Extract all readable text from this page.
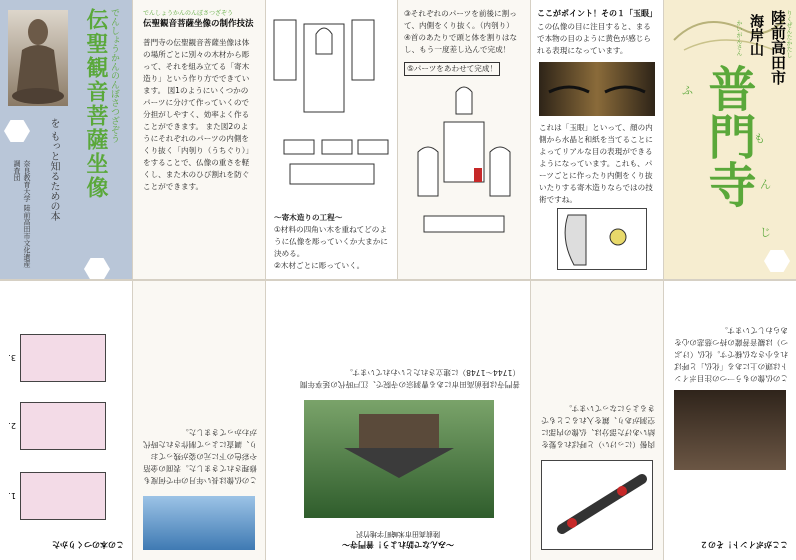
伝聖観音菩薩坐像 でんしょうかんのんぼさつざぞう
を もっと知るための本
奈良教育大学 陸前高田市文化遺産調査団
でんしょうかんのんぼさつざぞう
伝聖観音菩薩坐像の制作技法
普門寺の伝聖観音菩薩坐像は体の場所ごとに別々の木材から彫って、それを組み立てる「寄木造り」という作り方でできています。 図1のようにいくつかのパーツに分けて作っていくので分担がしやすく、効率よく作ることができます。 また図2のようにそれぞれのパーツの内側をくり抜く「内刳り（うちぐり）」をすることで、仏像の重さを軽くし、また木のひび割れを防ぐことができます。
〜寄木造りの工程〜
①材料の四角い木を重ねてどのように仏像を彫っていくか大まかに決める。
②木材ごとに彫っていく。
③それぞれのパーツを前後に割って、内側をくり抜く。（内刳り）
④首のあたりで頭と体を割りはなし、もう一度差し込んで完成！
⑤パーツをあわせて完成！
ここがポイント！その１「玉眼」
この仏像の目に注目すると、まるで本物の目のように黄色が感じられる表現になっています。
これは「玉眼」といって、顔の内側から水晶と和紙を当てることによってリアルな目の表現ができるようになっています。これも、パーツごとに作ったり内側をくり抜いたりする寄木造りならではの技術ですね。
陸前高田市
りくぜんたかたし
海岸山
かいがんさん
普門寺
ふ
も
ん
じ
この本のつくりかた
1.
2.
3.
この仏像は長い年月の中で何度も修理されてきました。表面の金箔や彩色の下に元の姿が残っており、調査によって制作された時代がわかってきました。
〜みんなで訪れよう！普門寺〜
陸前高田市米崎町字地竹沢
普門寺は陸前高田市にある曹洞宗の寺院で、江戸時代の延享年間（1744〜1748）に建立されたといわれています。
肉髻（にっけい）と呼ばれる髪を結いあげた部分は、仏像の内部に空洞があり、鏡を入れることもできるようになっています。
ここがポイント！その２
この仏像のもう一つの注目ポイントは頭の上にある「化仏」と呼ばれる小さな仏様です。化仏（けぶつ）は観音菩薩の持つ慈悲の心をあらわしています。
